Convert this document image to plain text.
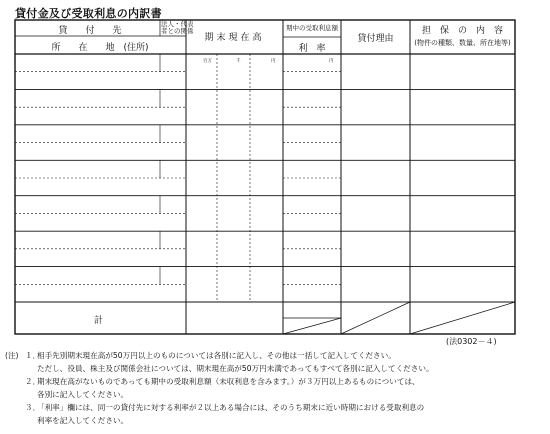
貸付金及び受取利息の内訳書
貸　　付　　先
法人・代表
者との関係
所　　在　　地　(住所)
期末現在高
期中の受取利息額
利　率
貸付理由
担　保　の　内　容
(物件の種類、数量、所在地等)
百万	千	円	円
計
(法0302－４)
(注) １．
相手先別期末現在高が50万円以上のものについては各別に記入し、その他は一括して記入してください。
ただし、役員、株主及び関係会社については、期末現在高が50万円未満であってもすべて各別に記入してください。
２．
期末現在高がないものであっても期中の受取利息額（未収利息を含みます。）が３万円以上あるものについては、
各別に記入してください。
３．
「利率」欄には、同一の貸付先に対する利率が２以上ある場合には、そのうち期末に近い時期における受取利息の
利率を記入してください。
